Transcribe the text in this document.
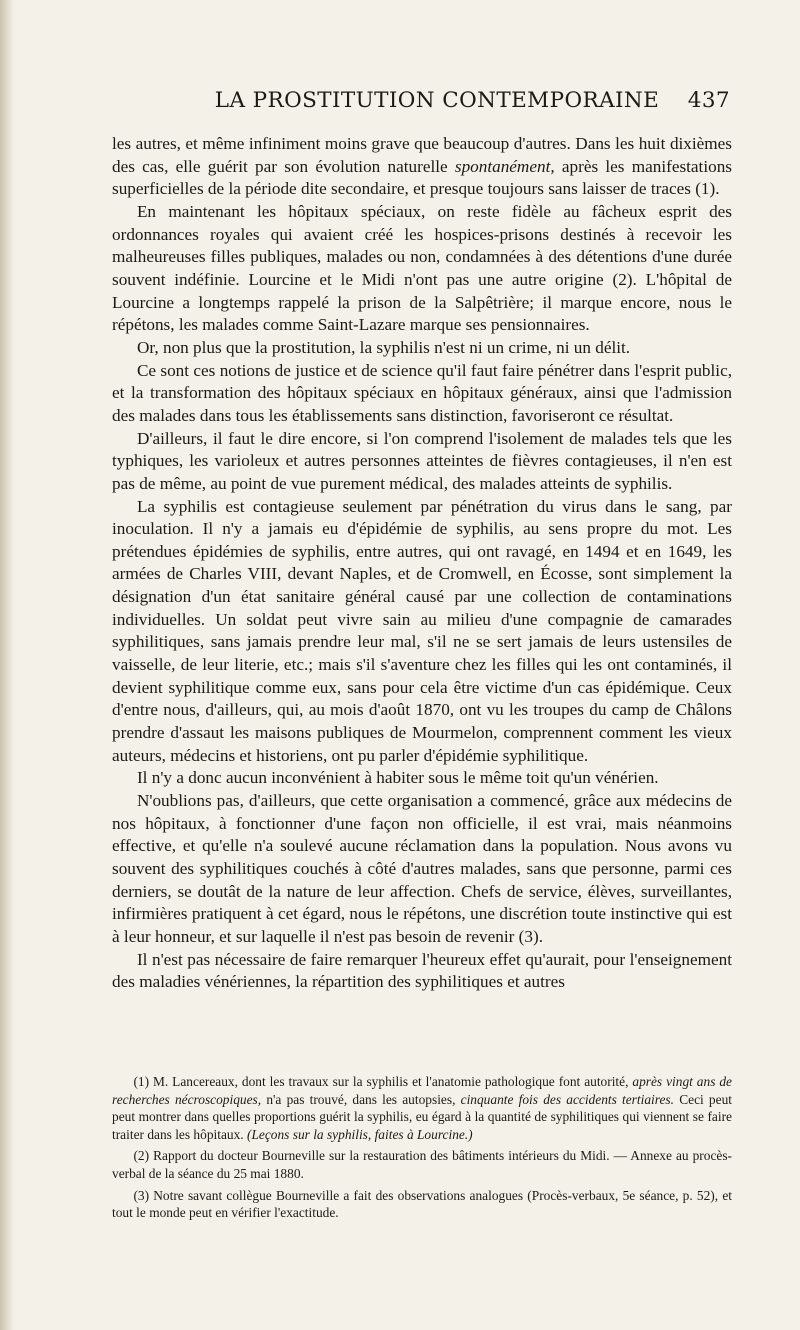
LA PROSTITUTION CONTEMPORAINE	437

les autres, et même infiniment moins grave que beaucoup d'autres. Dans les huit dixièmes des cas, elle guérit par son évolution naturelle spontanément, après les manifestations superficielles de la période dite secondaire, et presque toujours sans laisser de traces (1).

En maintenant les hôpitaux spéciaux, on reste fidèle au fâcheux esprit des ordonnances royales qui avaient créé les hospices-prisons destinés à recevoir les malheureuses filles publiques, malades ou non, condamnées à des détentions d'une durée souvent indéfinie. Lourcine et le Midi n'ont pas une autre origine (2). L'hôpital de Lourcine a longtemps rappelé la prison de la Salpêtrière; il marque encore, nous le répétons, les malades comme Saint-Lazare marque ses pensionnaires.

Or, non plus que la prostitution, la syphilis n'est ni un crime, ni un délit.

Ce sont ces notions de justice et de science qu'il faut faire pénétrer dans l'esprit public, et la transformation des hôpitaux spéciaux en hôpitaux généraux, ainsi que l'admission des malades dans tous les établissements sans distinction, favoriseront ce résultat.

D'ailleurs, il faut le dire encore, si l'on comprend l'isolement de malades tels que les typhiques, les varioleux et autres personnes atteintes de fièvres contagieuses, il n'en est pas de même, au point de vue purement médical, des malades atteints de syphilis.

La syphilis est contagieuse seulement par pénétration du virus dans le sang, par inoculation. Il n'y a jamais eu d'épidémie de syphilis, au sens propre du mot. Les prétendues épidémies de syphilis, entre autres, qui ont ravagé, en 1494 et en 1649, les armées de Charles VIII, devant Naples, et de Cromwell, en Écosse, sont simplement la désignation d'un état sanitaire général causé par une collection de contaminations individuelles. Un soldat peut vivre sain au milieu d'une compagnie de camarades syphilitiques, sans jamais prendre leur mal, s'il ne se sert jamais de leurs ustensiles de vaisselle, de leur literie, etc.; mais s'il s'aventure chez les filles qui les ont contaminés, il devient syphilitique comme eux, sans pour cela être victime d'un cas épidémique. Ceux d'entre nous, d'ailleurs, qui, au mois d'août 1870, ont vu les troupes du camp de Châlons prendre d'assaut les maisons publiques de Mourmelon, comprennent comment les vieux auteurs, médecins et historiens, ont pu parler d'épidémie syphilitique.

Il n'y a donc aucun inconvénient à habiter sous le même toit qu'un vénérien.

N'oublions pas, d'ailleurs, que cette organisation a commencé, grâce aux médecins de nos hôpitaux, à fonctionner d'une façon non officielle, il est vrai, mais néanmoins effective, et qu'elle n'a soulevé aucune réclamation dans la population. Nous avons vu souvent des syphilitiques couchés à côté d'autres malades, sans que personne, parmi ces derniers, se doutât de la nature de leur affection. Chefs de service, élèves, surveillantes, infirmières pratiquent à cet égard, nous le répétons, une discrétion toute instinctive qui est à leur honneur, et sur laquelle il n'est pas besoin de revenir (3).

Il n'est pas nécessaire de faire remarquer l'heureux effet qu'aurait, pour l'enseignement des maladies vénériennes, la répartition des syphilitiques et autres

(1) M. Lancereaux, dont les travaux sur la syphilis et l'anatomie pathologique font autorité, après vingt ans de recherches nécroscopiques, n'a pas trouvé, dans les autopsies, cinquante fois des accidents tertiaires. Ceci peut peut montrer dans quelles proportions guérit la syphilis, eu égard à la quantité de syphilitiques qui viennent se faire traiter dans les hôpitaux. (Leçons sur la syphilis, faites à Lourcine.)

(2) Rapport du docteur Bourneville sur la restauration des bâtiments intérieurs du Midi. — Annexe au procès-verbal de la séance du 25 mai 1880.

(3) Notre savant collègue Bourneville a fait des observations analogues (Procès-verbaux, 5e séance, p. 52), et tout le monde peut en vérifier l'exactitude.
